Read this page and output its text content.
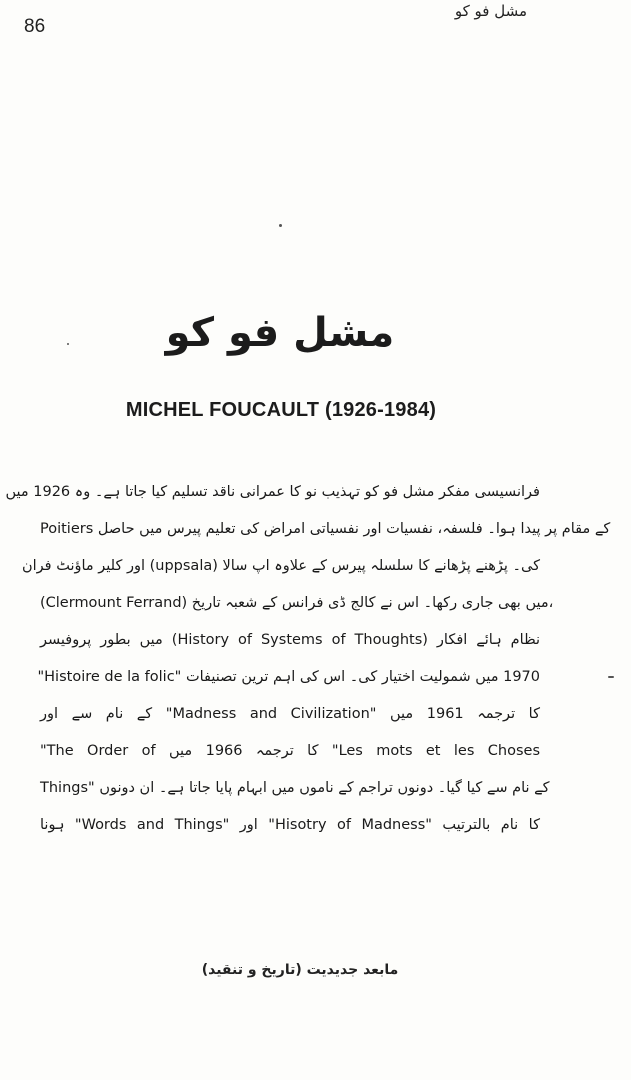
86
مشل فو کو
مشل فو کو
MICHEL FOUCAULT (1926-1984)
فرانسیسی مفکر مشل فو کو تہذیب نو کا عمرانی ناقد تسلیم کیا جاتا ہے۔ وہ 1926 میں
Poitiers کے مقام پر پیدا ہوا۔ فلسفہ، نفسیات اور نفسیاتی امراض کی تعلیم پیرس میں حاصل
کی۔ پڑھنے پڑھانے کا سلسلہ پیرس کے علاوہ اپ سالا (uppsala) اور کلیر ماؤنٹ فران
(Clermount Ferrand) میں بھی جاری رکھا۔ اس نے کالج ڈی فرانس کے شعبہ تاریخ،
نظام ہائے افکار (History of Systems of Thoughts) میں بطور پروفیسر
1970 میں شمولیت اختیار کی۔ اس کی اہم ترین تصنیفات "Histoire de la folic"
کا ترجمہ 1961 میں "Madness and Civilization" کے نام سے اور
"The Order of کا ترجمہ 1966 میں "Les mots et les Choses
Things" کے نام سے کیا گیا۔ دونوں تراجم کے ناموں میں ابہام پایا جاتا ہے۔ ان دونوں
کا نام بالترتیب "Hisotry of Madness" اور "Words and Things" ہونا
مابعد جدیدیت (تاریخ و تنقید)
